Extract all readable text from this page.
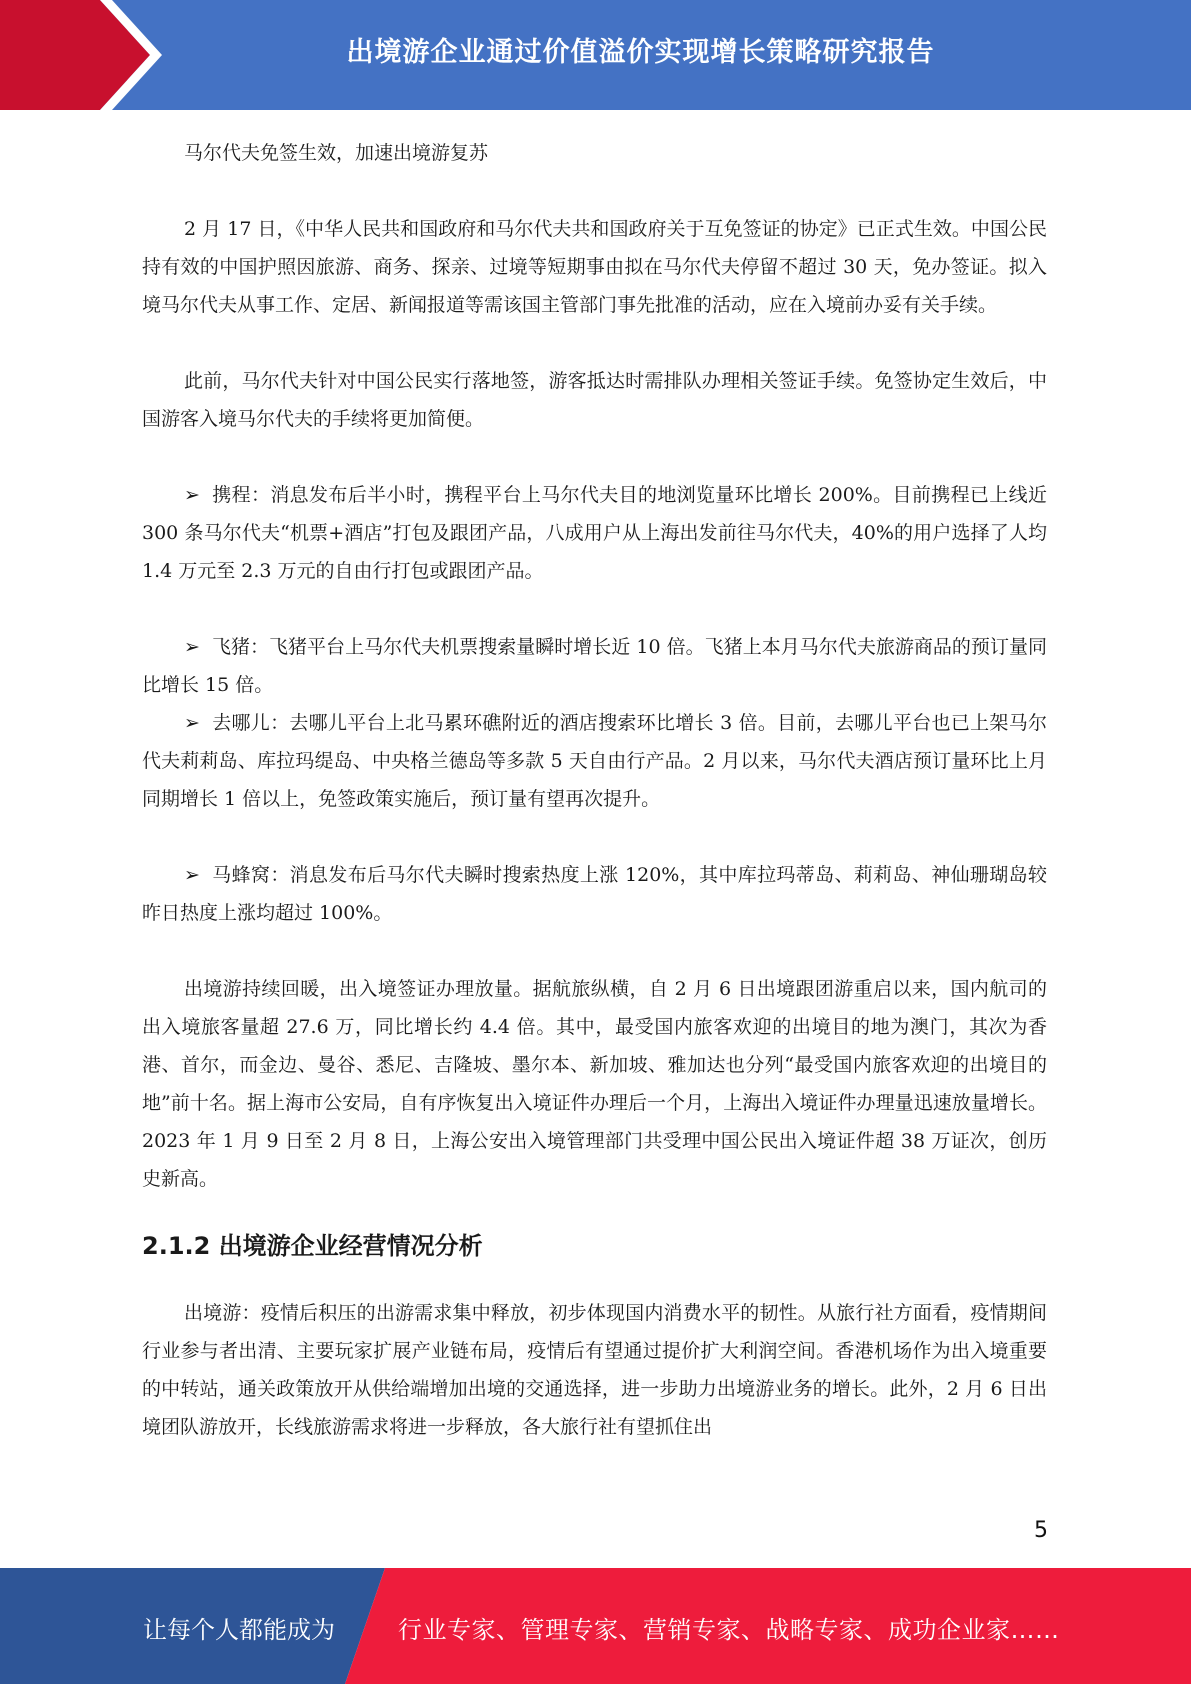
出境游企业通过价值溢价实现增长策略研究报告

马尔代夫免签生效，加速出境游复苏

2 月 17 日，《中华人民共和国政府和马尔代夫共和国政府关于互免签证的协定》已正式生效。中国公民持有效的中国护照因旅游、商务、探亲、过境等短期事由拟在马尔代夫停留不超过 30 天，免办签证。拟入境马尔代夫从事工作、定居、新闻报道等需该国主管部门事先批准的活动，应在入境前办妥有关手续。

此前，马尔代夫针对中国公民实行落地签，游客抵达时需排队办理相关签证手续。免签协定生效后，中国游客入境马尔代夫的手续将更加简便。

➢ 携程：消息发布后半小时，携程平台上马尔代夫目的地浏览量环比增长 200%。目前携程已上线近 300 条马尔代夫“机票+酒店”打包及跟团产品，八成用户从上海出发前往马尔代夫，40%的用户选择了人均 1.4 万元至 2.3 万元的自由行打包或跟团产品。

➢ 飞猪：飞猪平台上马尔代夫机票搜索量瞬时增长近 10 倍。飞猪上本月马尔代夫旅游商品的预订量同比增长 15 倍。

➢ 去哪儿：去哪儿平台上北马累环礁附近的酒店搜索环比增长 3 倍。目前，去哪儿平台也已上架马尔代夫莉莉岛、库拉玛缇岛、中央格兰德岛等多款 5 天自由行产品。2 月以来，马尔代夫酒店预订量环比上月同期增长 1 倍以上，免签政策实施后，预订量有望再次提升。

➢ 马蜂窝：消息发布后马尔代夫瞬时搜索热度上涨 120%，其中库拉玛蒂岛、莉莉岛、神仙珊瑚岛较昨日热度上涨均超过 100%。

出境游持续回暖，出入境签证办理放量。据航旅纵横，自 2 月 6 日出境跟团游重启以来，国内航司的出入境旅客量超 27.6 万，同比增长约 4.4 倍。其中，最受国内旅客欢迎的出境目的地为澳门，其次为香港、首尔，而金边、曼谷、悉尼、吉隆坡、墨尔本、新加坡、雅加达也分列“最受国内旅客欢迎的出境目的地”前十名。据上海市公安局，自有序恢复出入境证件办理后一个月，上海出入境证件办理量迅速放量增长。2023 年 1 月 9 日至 2 月 8 日，上海公安出入境管理部门共受理中国公民出入境证件超 38 万证次，创历史新高。

2.1.2 出境游企业经营情况分析

出境游：疫情后积压的出游需求集中释放，初步体现国内消费水平的韧性。从旅行社方面看，疫情期间行业参与者出清、主要玩家扩展产业链布局，疫情后有望通过提价扩大利润空间。香港机场作为出入境重要的中转站，通关政策放开从供给端增加出境的交通选择，进一步助力出境游业务的增长。此外，2 月 6 日出境团队游放开，长线旅游需求将进一步释放，各大旅行社有望抓住出

5
让每个人都能成为	行业专家、管理专家、营销专家、战略专家、成功企业家……
